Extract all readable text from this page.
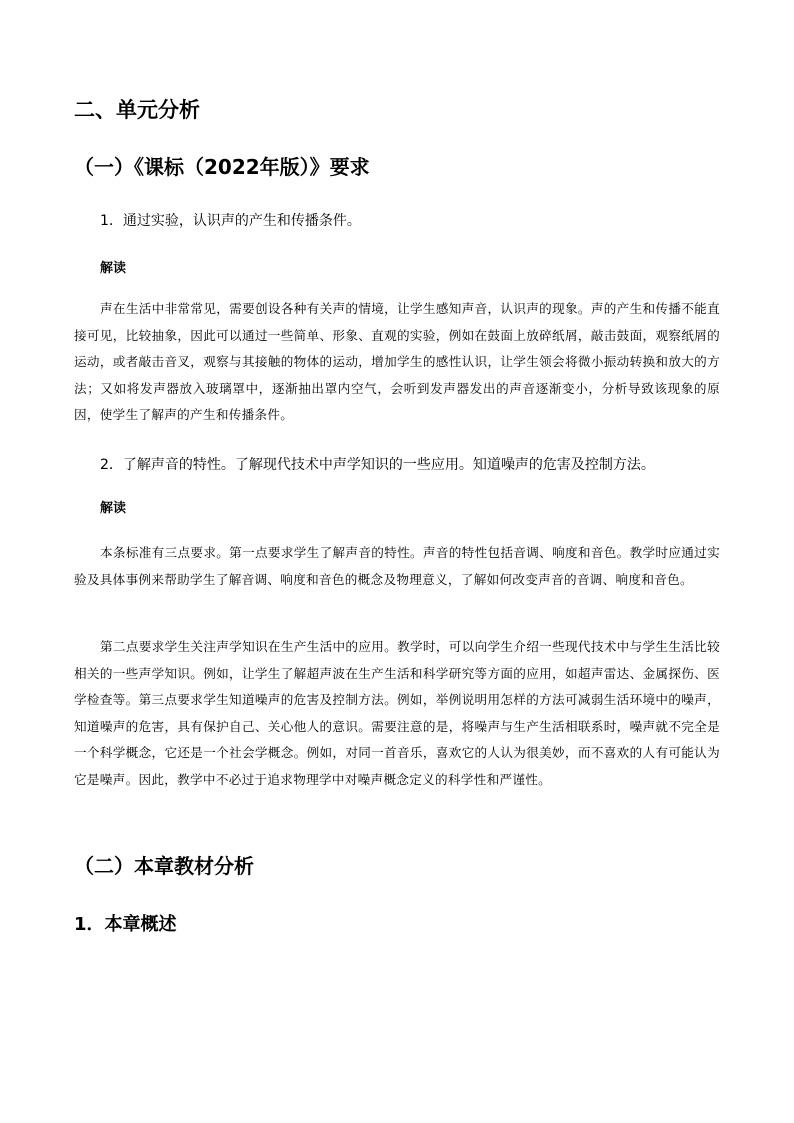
二、单元分析
（一）《课标（2022年版）》要求
1．通过实验，认识声的产生和传播条件。
解读

声在生活中非常常见，需要创设各种有关声的情境，让学生感知声音，认识声的现象。声的产生和传播不能直接可见，比较抽象，因此可以通过一些简单、形象、直观的实验，例如在鼓面上放碎纸屑，敲击鼓面，观察纸屑的运动，或者敲击音叉，观察与其接触的物体的运动，增加学生的感性认识，让学生领会将微小振动转换和放大的方法；又如将发声器放入玻璃罩中，逐渐抽出罩内空气，会听到发声器发出的声音逐渐变小，分析导致该现象的原因，使学生了解声的产生和传播条件。

2．了解声音的特性。了解现代技术中声学知识的一些应用。知道噪声的危害及控制方法。
解读

本条标准有三点要求。第一点要求学生了解声音的特性。声音的特性包括音调、响度和音色。教学时应通过实验及具体事例来帮助学生了解音调、响度和音色的概念及物理意义，了解如何改变声音的音调、响度和音色。

第二点要求学生关注声学知识在生产生活中的应用。教学时，可以向学生介绍一些现代技术中与学生生活比较相关的一些声学知识。例如，让学生了解超声波在生产生活和科学研究等方面的应用，如超声雷达、金属探伤、医学检查等。第三点要求学生知道噪声的危害及控制方法。例如，举例说明用怎样的方法可减弱生活环境中的噪声，知道噪声的危害，具有保护自己、关心他人的意识。需要注意的是，将噪声与生产生活相联系时，噪声就不完全是一个科学概念，它还是一个社会学概念。例如，对同一首音乐，喜欢它的人认为很美妙，而不喜欢的人有可能认为它是噪声。因此，教学中不必过于追求物理学中对噪声概念定义的科学性和严谨性。

（二）本章教材分析
1．本章概述
